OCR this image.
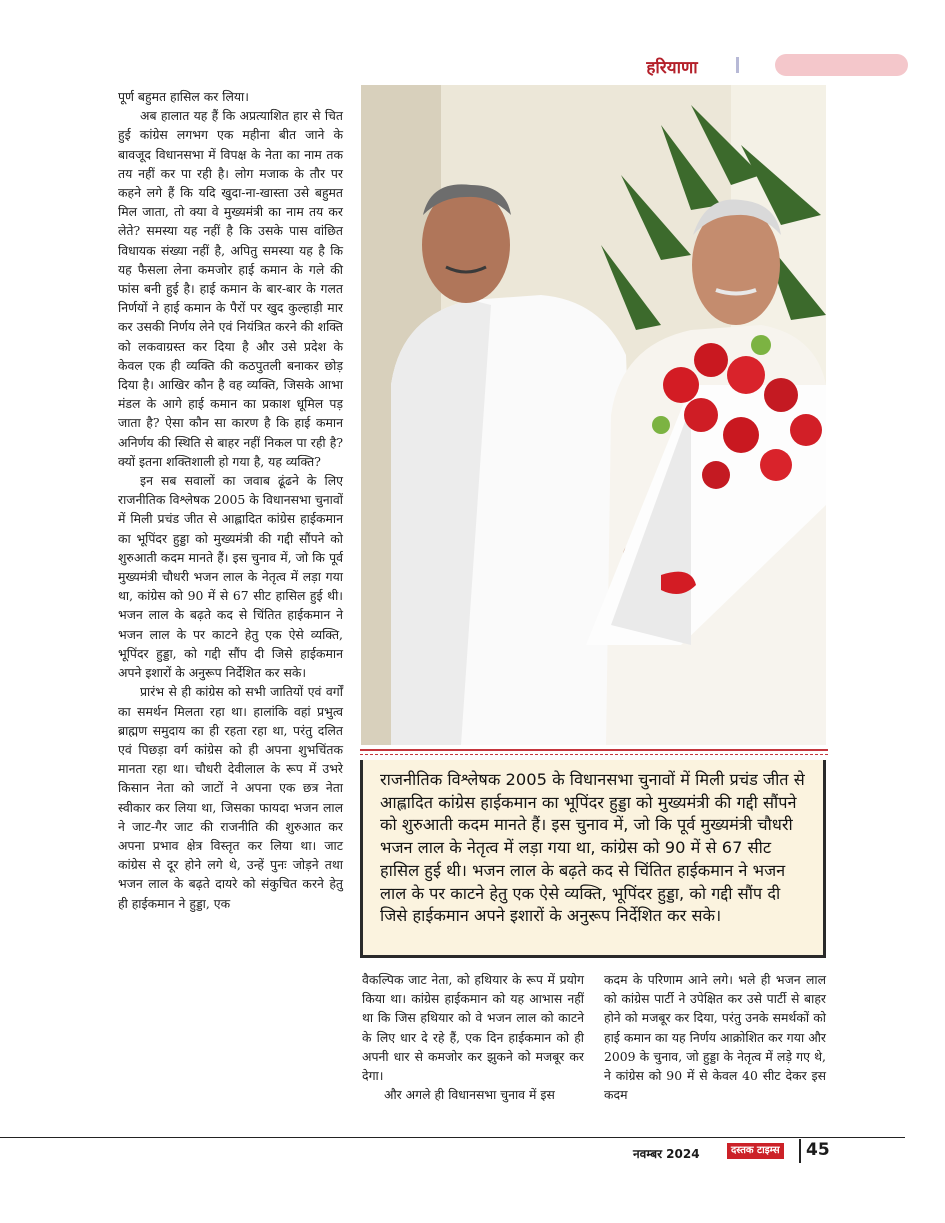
हरियाणा

पूर्ण बहुमत हासिल कर लिया।

अब हालात यह हैं कि अप्रत्याशित हार से चित हुई कांग्रेस लगभग एक महीना बीत जाने के बावजूद विधानसभा में विपक्ष के नेता का नाम तक तय नहीं कर पा रही है। लोग मजाक के तौर पर कहने लगे हैं कि यदि खुदा-ना-खास्ता उसे बहुमत मिल जाता, तो क्या वे मुख्यमंत्री का नाम तय कर लेते? समस्या यह नहीं है कि उसके पास वांछित विधायक संख्या नहीं है, अपितु समस्या यह है कि यह फैसला लेना कमजोर हाई कमान के गले की फांस बनी हुई है। हाई कमान के बार-बार के गलत निर्णयों ने हाई कमान के पैरों पर खुद कुल्हाड़ी मार कर उसकी निर्णय लेने एवं नियंत्रित करने की शक्ति को लकवाग्रस्त कर दिया है और उसे प्रदेश के केवल एक ही व्यक्ति की कठपुतली बनाकर छोड़ दिया है। आखिर कौन है वह व्यक्ति, जिसके आभा मंडल के आगे हाई कमान का प्रकाश धूमिल पड़ जाता है? ऐसा कौन सा कारण है कि हाई कमान अनिर्णय की स्थिति से बाहर नहीं निकल पा रही है? क्यों इतना शक्तिशाली हो गया है, यह व्यक्ति?

इन सब सवालों का जवाब ढूंढने के लिए राजनीतिक विश्लेषक 2005 के विधानसभा चुनावों में मिली प्रचंड जीत से आह्लादित कांग्रेस हाईकमान का भूपिंदर हुड्डा को मुख्यमंत्री की गद्दी सौंपने को शुरुआती कदम मानते हैं। इस चुनाव में, जो कि पूर्व मुख्यमंत्री चौधरी भजन लाल के नेतृत्व में लड़ा गया था, कांग्रेस को 90 में से 67 सीट हासिल हुई थी। भजन लाल के बढ़ते कद से चिंतित हाईकमान ने भजन लाल के पर काटने हेतु एक ऐसे व्यक्ति, भूपिंदर हुड्डा, को गद्दी सौंप दी जिसे हाईकमान अपने इशारों के अनुरूप निर्देशित कर सके।

प्रारंभ से ही कांग्रेस को सभी जातियों एवं वर्गों का समर्थन मिलता रहा था। हालांकि वहां प्रभुत्व ब्राह्मण समुदाय का ही रहता रहा था, परंतु दलित एवं पिछड़ा वर्ग कांग्रेस को ही अपना शुभचिंतक मानता रहा था। चौधरी देवीलाल के रूप में उभरे किसान नेता को जाटों ने अपना एक छत्र नेता स्वीकार कर लिया था, जिसका फायदा भजन लाल ने जाट-गैर जाट की राजनीति की शुरुआत कर अपना प्रभाव क्षेत्र विस्तृत कर लिया था। जाट कांग्रेस से दूर होने लगे थे, उन्हें पुनः जोड़ने तथा भजन लाल के बढ़ते दायरे को संकुचित करने हेतु ही हाईकमान ने हुड्डा, एक

राजनीतिक विश्लेषक 2005 के विधानसभा चुनावों में मिली प्रचंड जीत से आह्लादित कांग्रेस हाईकमान का भूपिंदर हुड्डा को मुख्यमंत्री की गद्दी सौंपने को शुरुआती कदम मानते हैं। इस चुनाव में, जो कि पूर्व मुख्यमंत्री चौधरी भजन लाल के नेतृत्व में लड़ा गया था, कांग्रेस को 90 में से 67 सीट हासिल हुई थी। भजन लाल के बढ़ते कद से चिंतित हाईकमान ने भजन लाल के पर काटने हेतु एक ऐसे व्यक्ति, भूपिंदर हुड्डा, को गद्दी सौंप दी जिसे हाईकमान अपने इशारों के अनुरूप निर्देशित कर सके।

वैकल्पिक जाट नेता, को हथियार के रूप में प्रयोग किया था। कांग्रेस हाईकमान को यह आभास नहीं था कि जिस हथियार को वे भजन लाल को काटने के लिए धार दे रहे हैं, एक दिन हाईकमान को ही अपनी धार से कमजोर कर झुकने को मजबूर कर देगा।

और अगले ही विधानसभा चुनाव में इस

कदम के परिणाम आने लगे। भले ही भजन लाल को कांग्रेस पार्टी ने उपेक्षित कर उसे पार्टी से बाहर होने को मजबूर कर दिया, परंतु उनके समर्थकों को हाई कमान का यह निर्णय आक्रोशित कर गया और 2009 के चुनाव, जो हुड्डा के नेतृत्व में लड़े गए थे, ने कांग्रेस को 90 में से केवल 40 सीट देकर इस कदम

नवम्बर 2024	दस्तक टाइम्स 45
